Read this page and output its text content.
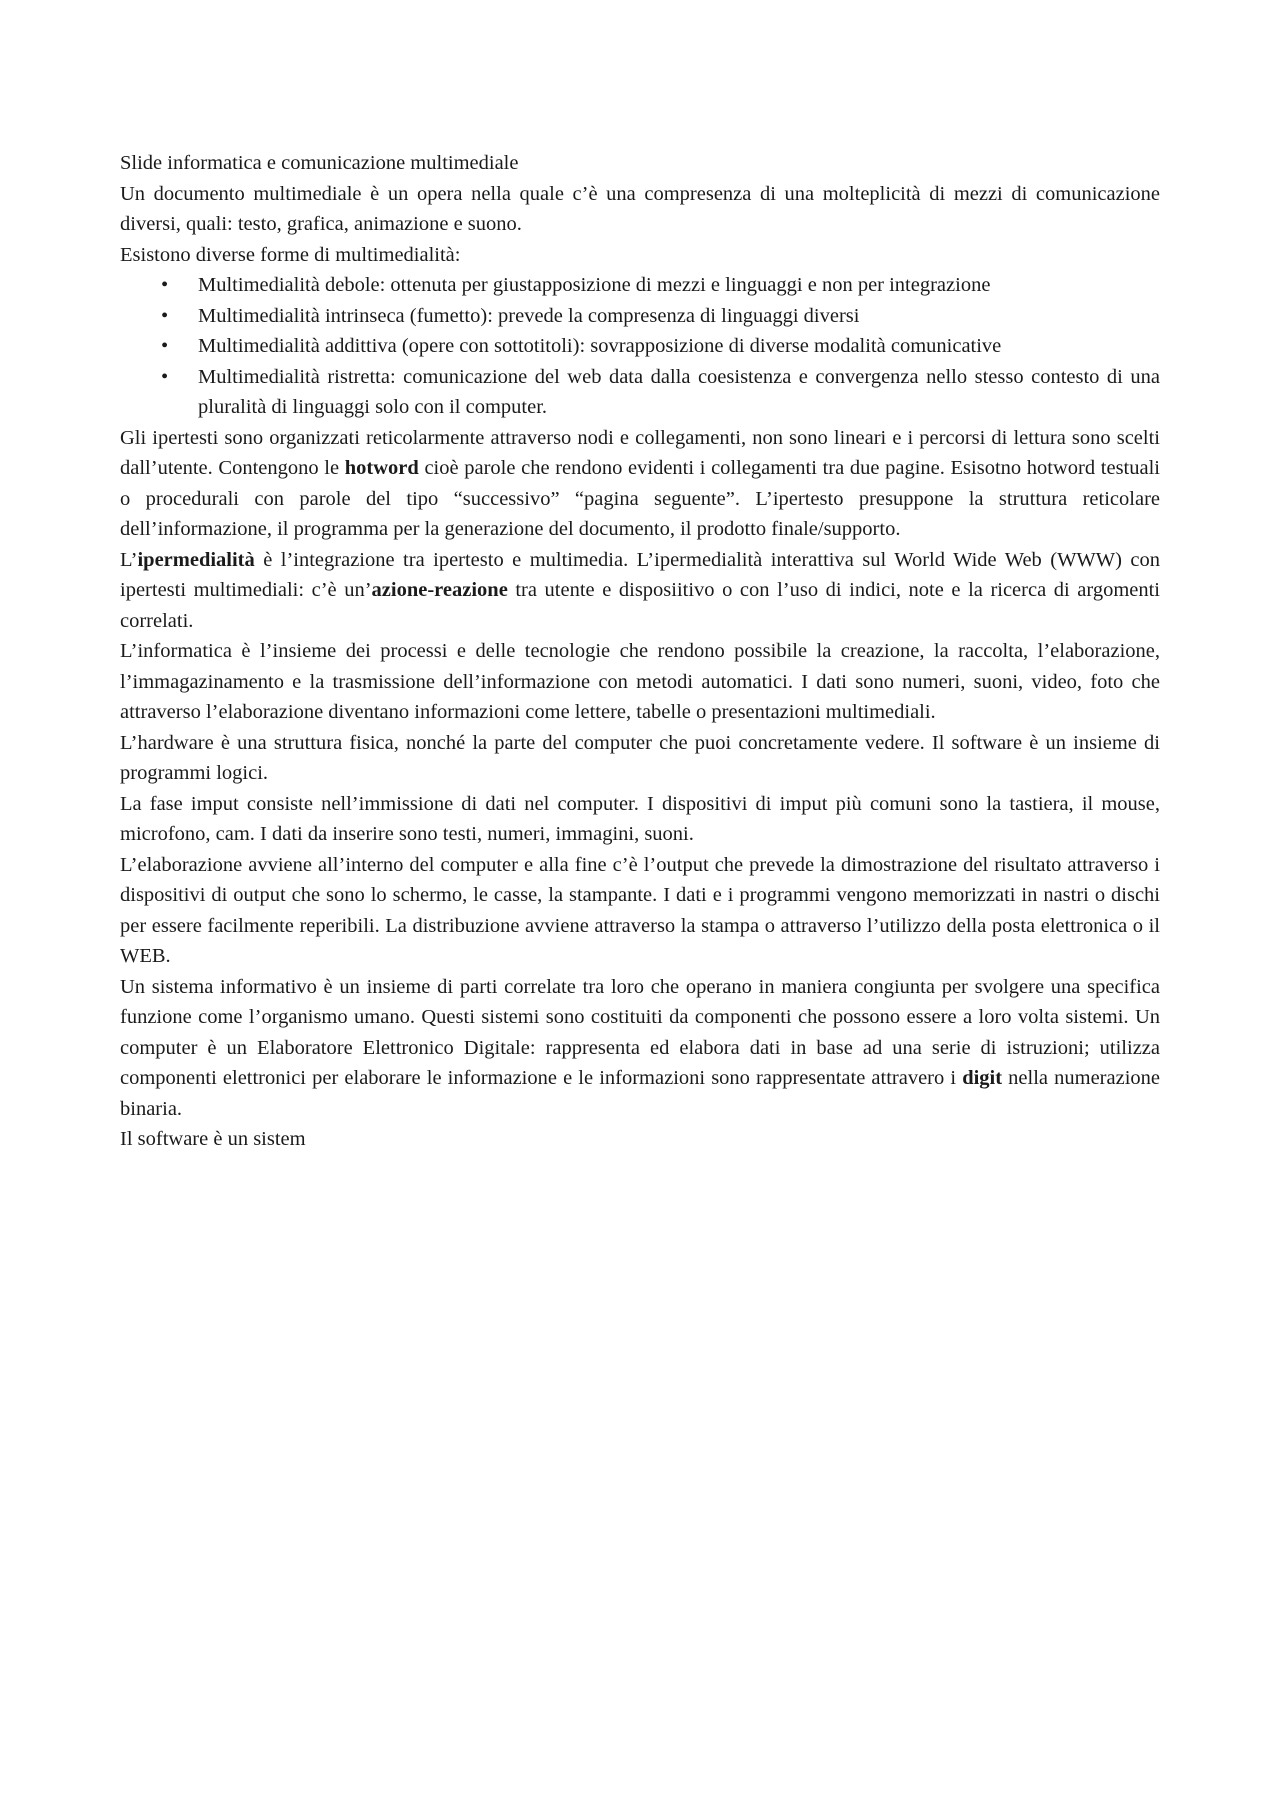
Slide informatica e comunicazione multimediale

Un documento multimediale è un opera nella quale c’è una compresenza di una molteplicità di mezzi di comunicazione diversi, quali: testo, grafica, animazione e suono.

Esistono diverse forme di multimedialità:

• Multimedialità debole: ottenuta per giustapposizione di mezzi e linguaggi e non per integrazione
• Multimedialità intrinseca (fumetto): prevede la compresenza di linguaggi diversi
• Multimedialità addittiva (opere con sottotitoli): sovrapposizione di diverse modalità comunicative
• Multimedialità ristretta: comunicazione del web data dalla coesistenza e convergenza nello stesso contesto di una pluralità di linguaggi solo con il computer.

Gli ipertesti sono organizzati reticolarmente attraverso nodi e collegamenti, non sono lineari e i percorsi di lettura sono scelti dall’utente. Contengono le hotword cioè parole che rendono evidenti i collegamenti tra due pagine. Esisotno hotword testuali o procedurali con parole del tipo “successivo” “pagina seguente”. L’ipertesto presuppone la struttura reticolare dell’informazione, il programma per la generazione del documento, il prodotto finale/supporto.

L’ipermedialità è l’integrazione tra ipertesto e multimedia. L’ipermedialità interattiva sul World Wide Web (WWW) con ipertesti multimediali: c’è un’azione-reazione tra utente e disposiitivo o con l’uso di indici, note e la ricerca di argomenti correlati.

L’informatica è l’insieme dei processi e delle tecnologie che rendono possibile la creazione, la raccolta, l’elaborazione, l’immagazinamento e la trasmissione dell’informazione con metodi automatici. I dati sono numeri, suoni, video, foto che attraverso l’elaborazione diventano informazioni come lettere, tabelle o presentazioni multimediali.

L’hardware è una struttura fisica, nonché la parte del computer che puoi concretamente vedere. Il software è un insieme di programmi logici.

La fase imput consiste nell’immissione di dati nel computer. I dispositivi di imput più comuni sono la tastiera, il mouse, microfono, cam. I dati da inserire sono testi, numeri, immagini, suoni.

L’elaborazione avviene all’interno del computer e alla fine c’è l’output che prevede la dimostrazione del risultato attraverso i dispositivi di output che sono lo schermo, le casse, la stampante. I dati e i programmi vengono memorizzati in nastri o dischi per essere facilmente reperibili. La distribuzione avviene attraverso la stampa o attraverso l’utilizzo della posta elettronica o il WEB.

Un sistema informativo è un insieme di parti correlate tra loro che operano in maniera congiunta per svolgere una specifica funzione come l’organismo umano. Questi sistemi sono costituiti da componenti che possono essere a loro volta sistemi. Un computer è un Elaboratore Elettronico Digitale: rappresenta ed elabora dati in base ad una serie di istruzioni; utilizza componenti elettronici per elaborare le informazione e le informazioni sono rappresentate attravero i digit nella numerazione binaria.

Il software è un sistem
